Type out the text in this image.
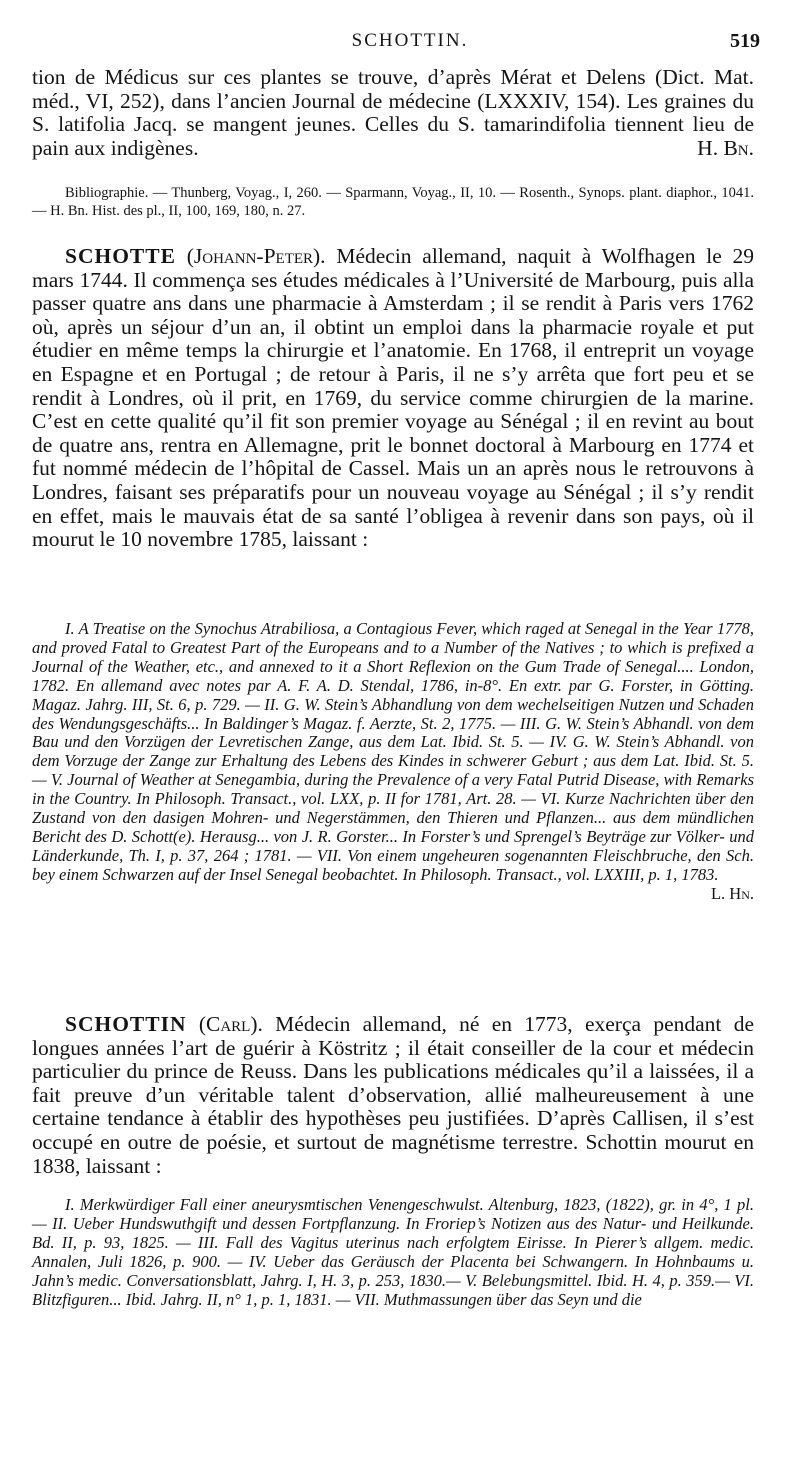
SCHOTTIN.	519

tion de Médicus sur ces plantes se trouve, d’après Mérat et Delens (Dict. Mat. méd., VI, 252), dans l’ancien Journal de médecine (LXXXIV, 154). Les graines du S. latifolia Jacq. se mangent jeunes. Celles du S. tamarindifolia tiennent lieu de pain aux indigènes.	H. Bn.

Bibliographie. — Thunberg, Voyag., I, 260. — Sparmann, Voyag., II, 10. — Rosenth., Synops. plant. diaphor., 1041. — H. Bn. Hist. des pl., II, 100, 169, 180, n. 27.

SCHOTTE (Johann-Peter). Médecin allemand, naquit à Wolfhagen le 29 mars 1744. Il commença ses études médicales à l’Université de Marbourg, puis alla passer quatre ans dans une pharmacie à Amsterdam ; il se rendit à Paris vers 1762 où, après un séjour d’un an, il obtint un emploi dans la pharmacie royale et put étudier en même temps la chirurgie et l’anatomie. En 1768, il entreprit un voyage en Espagne et en Portugal ; de retour à Paris, il ne s’y arrêta que fort peu et se rendit à Londres, où il prit, en 1769, du service comme chirurgien de la marine. C’est en cette qualité qu’il fit son premier voyage au Sénégal ; il en revint au bout de quatre ans, rentra en Allemagne, prit le bonnet doctoral à Marbourg en 1774 et fut nommé médecin de l’hôpital de Cassel. Mais un an après nous le retrouvons à Londres, faisant ses préparatifs pour un nouveau voyage au Sénégal ; il s’y rendit en effet, mais le mauvais état de sa santé l’obligea à revenir dans son pays, où il mourut le 10 novembre 1785, laissant :

I. A Treatise on the Synochus Atrabiliosa, a Contagious Fever, which raged at Senegal in the Year 1778, and proved Fatal to Greatest Part of the Europeans and to a Number of the Natives ; to which is prefixed a Journal of the Weather, etc., and annexed to it a Short Reflexion on the Gum Trade of Senegal.... London, 1782. En allemand avec notes par A. F. A. D. Stendal, 1786, in-8°. En extr. par G. Forster, in Götting. Magaz. Jahrg. III, St. 6, p. 729. — II. G. W. Stein’s Abhandlung von dem wechelseitigen Nutzen und Schaden des Wendungsgeschäfts... In Baldinger’s Magaz. f. Aerzte, St. 2, 1775. — III. G. W. Stein’s Abhandl. von dem Bau und den Vorzügen der Levretischen Zange, aus dem Lat. Ibid. St. 5. — IV. G. W. Stein’s Abhandl. von dem Vorzuge der Zange zur Erhaltung des Lebens des Kindes in schwerer Geburt ; aus dem Lat. Ibid. St. 5. — V. Journal of Weather at Senegambia, during the Prevalence of a very Fatal Putrid Disease, with Remarks in the Country. In Philosoph. Transact., vol. LXX, p. II for 1781, Art. 28. — VI. Kurze Nachrichten über den Zustand von den dasigen Mohren- und Negerstämmen, den Thieren und Pflanzen... aus dem mündlichen Bericht des D. Schott(e). Herausg... von J. R. Gorster... In Forster’s und Sprengel’s Beyträge zur Völker- und Länderkunde, Th. I, p. 37, 264 ; 1781. — VII. Von einem ungeheuren sogenannten Fleischbruche, den Sch. bey einem Schwarzen auf der Insel Senegal beobachtet. In Philosoph. Transact., vol. LXXIII, p. 1, 1783.
L. Hn.

SCHOTTIN (Carl). Médecin allemand, né en 1773, exerça pendant de longues années l’art de guérir à Köstritz ; il était conseiller de la cour et médecin particulier du prince de Reuss. Dans les publications médicales qu’il a laissées, il a fait preuve d’un véritable talent d’observation, allié malheureusement à une certaine tendance à établir des hypothèses peu justifiées. D’après Callisen, il s’est occupé en outre de poésie, et surtout de magnétisme terrestre. Schottin mourut en 1838, laissant :

I. Merkwürdiger Fall einer aneurysmtischen Venengeschwulst. Altenburg, 1823, (1822), gr. in 4°, 1 pl. — II. Ueber Hundswuthgift und dessen Fortpflanzung. In Froriep’s Notizen aus des Natur- und Heilkunde. Bd. II, p. 93, 1825. — III. Fall des Vagitus uterinus nach erfolgtem Eirisse. In Pierer’s allgem. medic. Annalen, Juli 1826, p. 900. — IV. Ueber das Geräusch der Placenta bei Schwangern. In Hohnbaums u. Jahn’s medic. Conversationsblatt, Jahrg. I, H. 3, p. 253, 1830.— V. Belebungsmittel. Ibid. H. 4, p. 359.— VI. Blitzfiguren... Ibid. Jahrg. II, n° 1, p. 1, 1831. — VII. Muthmassungen über das Seyn und die
